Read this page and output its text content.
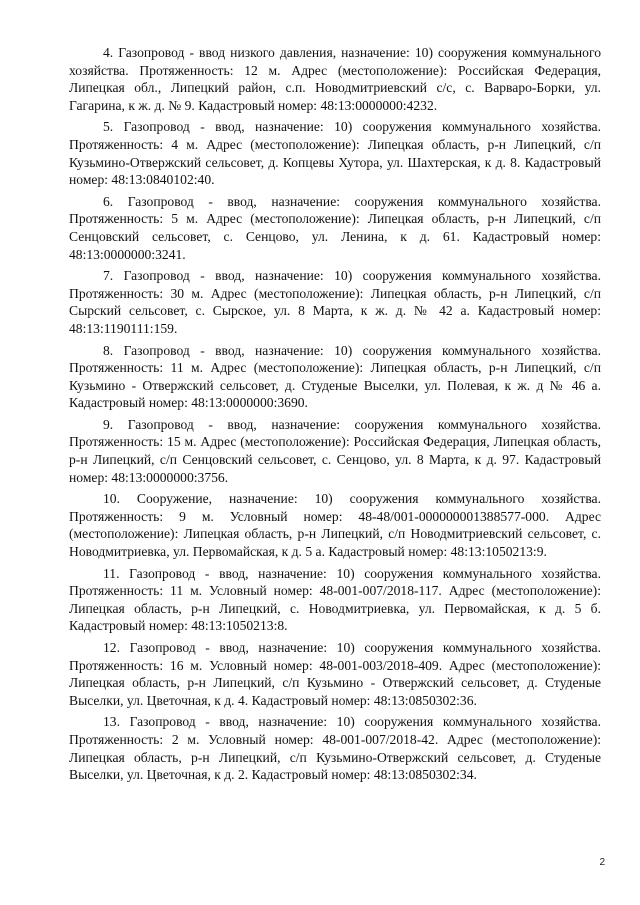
4. Газопровод - ввод низкого давления, назначение: 10) сооружения коммунального хозяйства. Протяженность: 12 м. Адрес (местоположение): Российская Федерация, Липецкая обл., Липецкий район, с.п. Новодмитриевский с/с, с. Варваро-Борки, ул. Гагарина, к ж. д. № 9. Кадастровый номер: 48:13:0000000:4232.

5. Газопровод - ввод, назначение: 10) сооружения коммунального хозяйства. Протяженность: 4 м. Адрес (местоположение): Липецкая область, р-н Липецкий, с/п Кузьмино-Отвержский сельсовет, д. Копцевы Хутора, ул. Шахтерская, к д. 8. Кадастровый номер: 48:13:0840102:40.

6. Газопровод - ввод, назначение: сооружения коммунального хозяйства. Протяженность: 5 м. Адрес (местоположение): Липецкая область, р-н Липецкий, с/п Сенцовский сельсовет, с. Сенцово, ул. Ленина, к д. 61. Кадастровый номер: 48:13:0000000:3241.

7. Газопровод - ввод, назначение: 10) сооружения коммунального хозяйства. Протяженность: 30 м. Адрес (местоположение): Липецкая область, р-н Липецкий, с/п Сырский сельсовет, с. Сырское, ул. 8 Марта, к ж. д. № 42 а. Кадастровый номер: 48:13:1190111:159.

8. Газопровод - ввод, назначение: 10) сооружения коммунального хозяйства. Протяженность: 11 м. Адрес (местоположение): Липецкая область, р-н Липецкий, с/п Кузьмино - Отвержский сельсовет, д. Студеные Выселки, ул. Полевая, к ж. д № 46 а. Кадастровый номер: 48:13:0000000:3690.

9. Газопровод - ввод, назначение: сооружения коммунального хозяйства. Протяженность: 15 м. Адрес (местоположение): Российская Федерация, Липецкая область, р-н Липецкий, с/п Сенцовский сельсовет, с. Сенцово, ул. 8 Марта, к д. 97. Кадастровый номер: 48:13:0000000:3756.

10. Сооружение, назначение: 10) сооружения коммунального хозяйства. Протяженность: 9 м. Условный номер: 48-48/001-000000001388577-000. Адрес (местоположение): Липецкая область, р-н Липецкий, с/п Новодмитриевский сельсовет, с. Новодмитриевка, ул. Первомайская, к д. 5 а. Кадастровый номер: 48:13:1050213:9.

11. Газопровод - ввод, назначение: 10) сооружения коммунального хозяйства. Протяженность: 11 м. Условный номер: 48-001-007/2018-117. Адрес (местоположение): Липецкая область, р-н Липецкий, с. Новодмитриевка, ул. Первомайская, к д. 5 б. Кадастровый номер: 48:13:1050213:8.

12. Газопровод - ввод, назначение: 10) сооружения коммунального хозяйства. Протяженность: 16 м. Условный номер: 48-001-003/2018-409. Адрес (местоположение): Липецкая область, р-н Липецкий, с/п Кузьмино - Отвержский сельсовет, д. Студеные Выселки, ул. Цветочная, к д. 4. Кадастровый номер: 48:13:0850302:36.

13. Газопровод - ввод, назначение: 10) сооружения коммунального хозяйства. Протяженность: 2 м. Условный номер: 48-001-007/2018-42. Адрес (местоположение): Липецкая область, р-н Липецкий, с/п Кузьмино-Отвержский сельсовет, д. Студеные Выселки, ул. Цветочная, к д. 2. Кадастровый номер: 48:13:0850302:34.

2
